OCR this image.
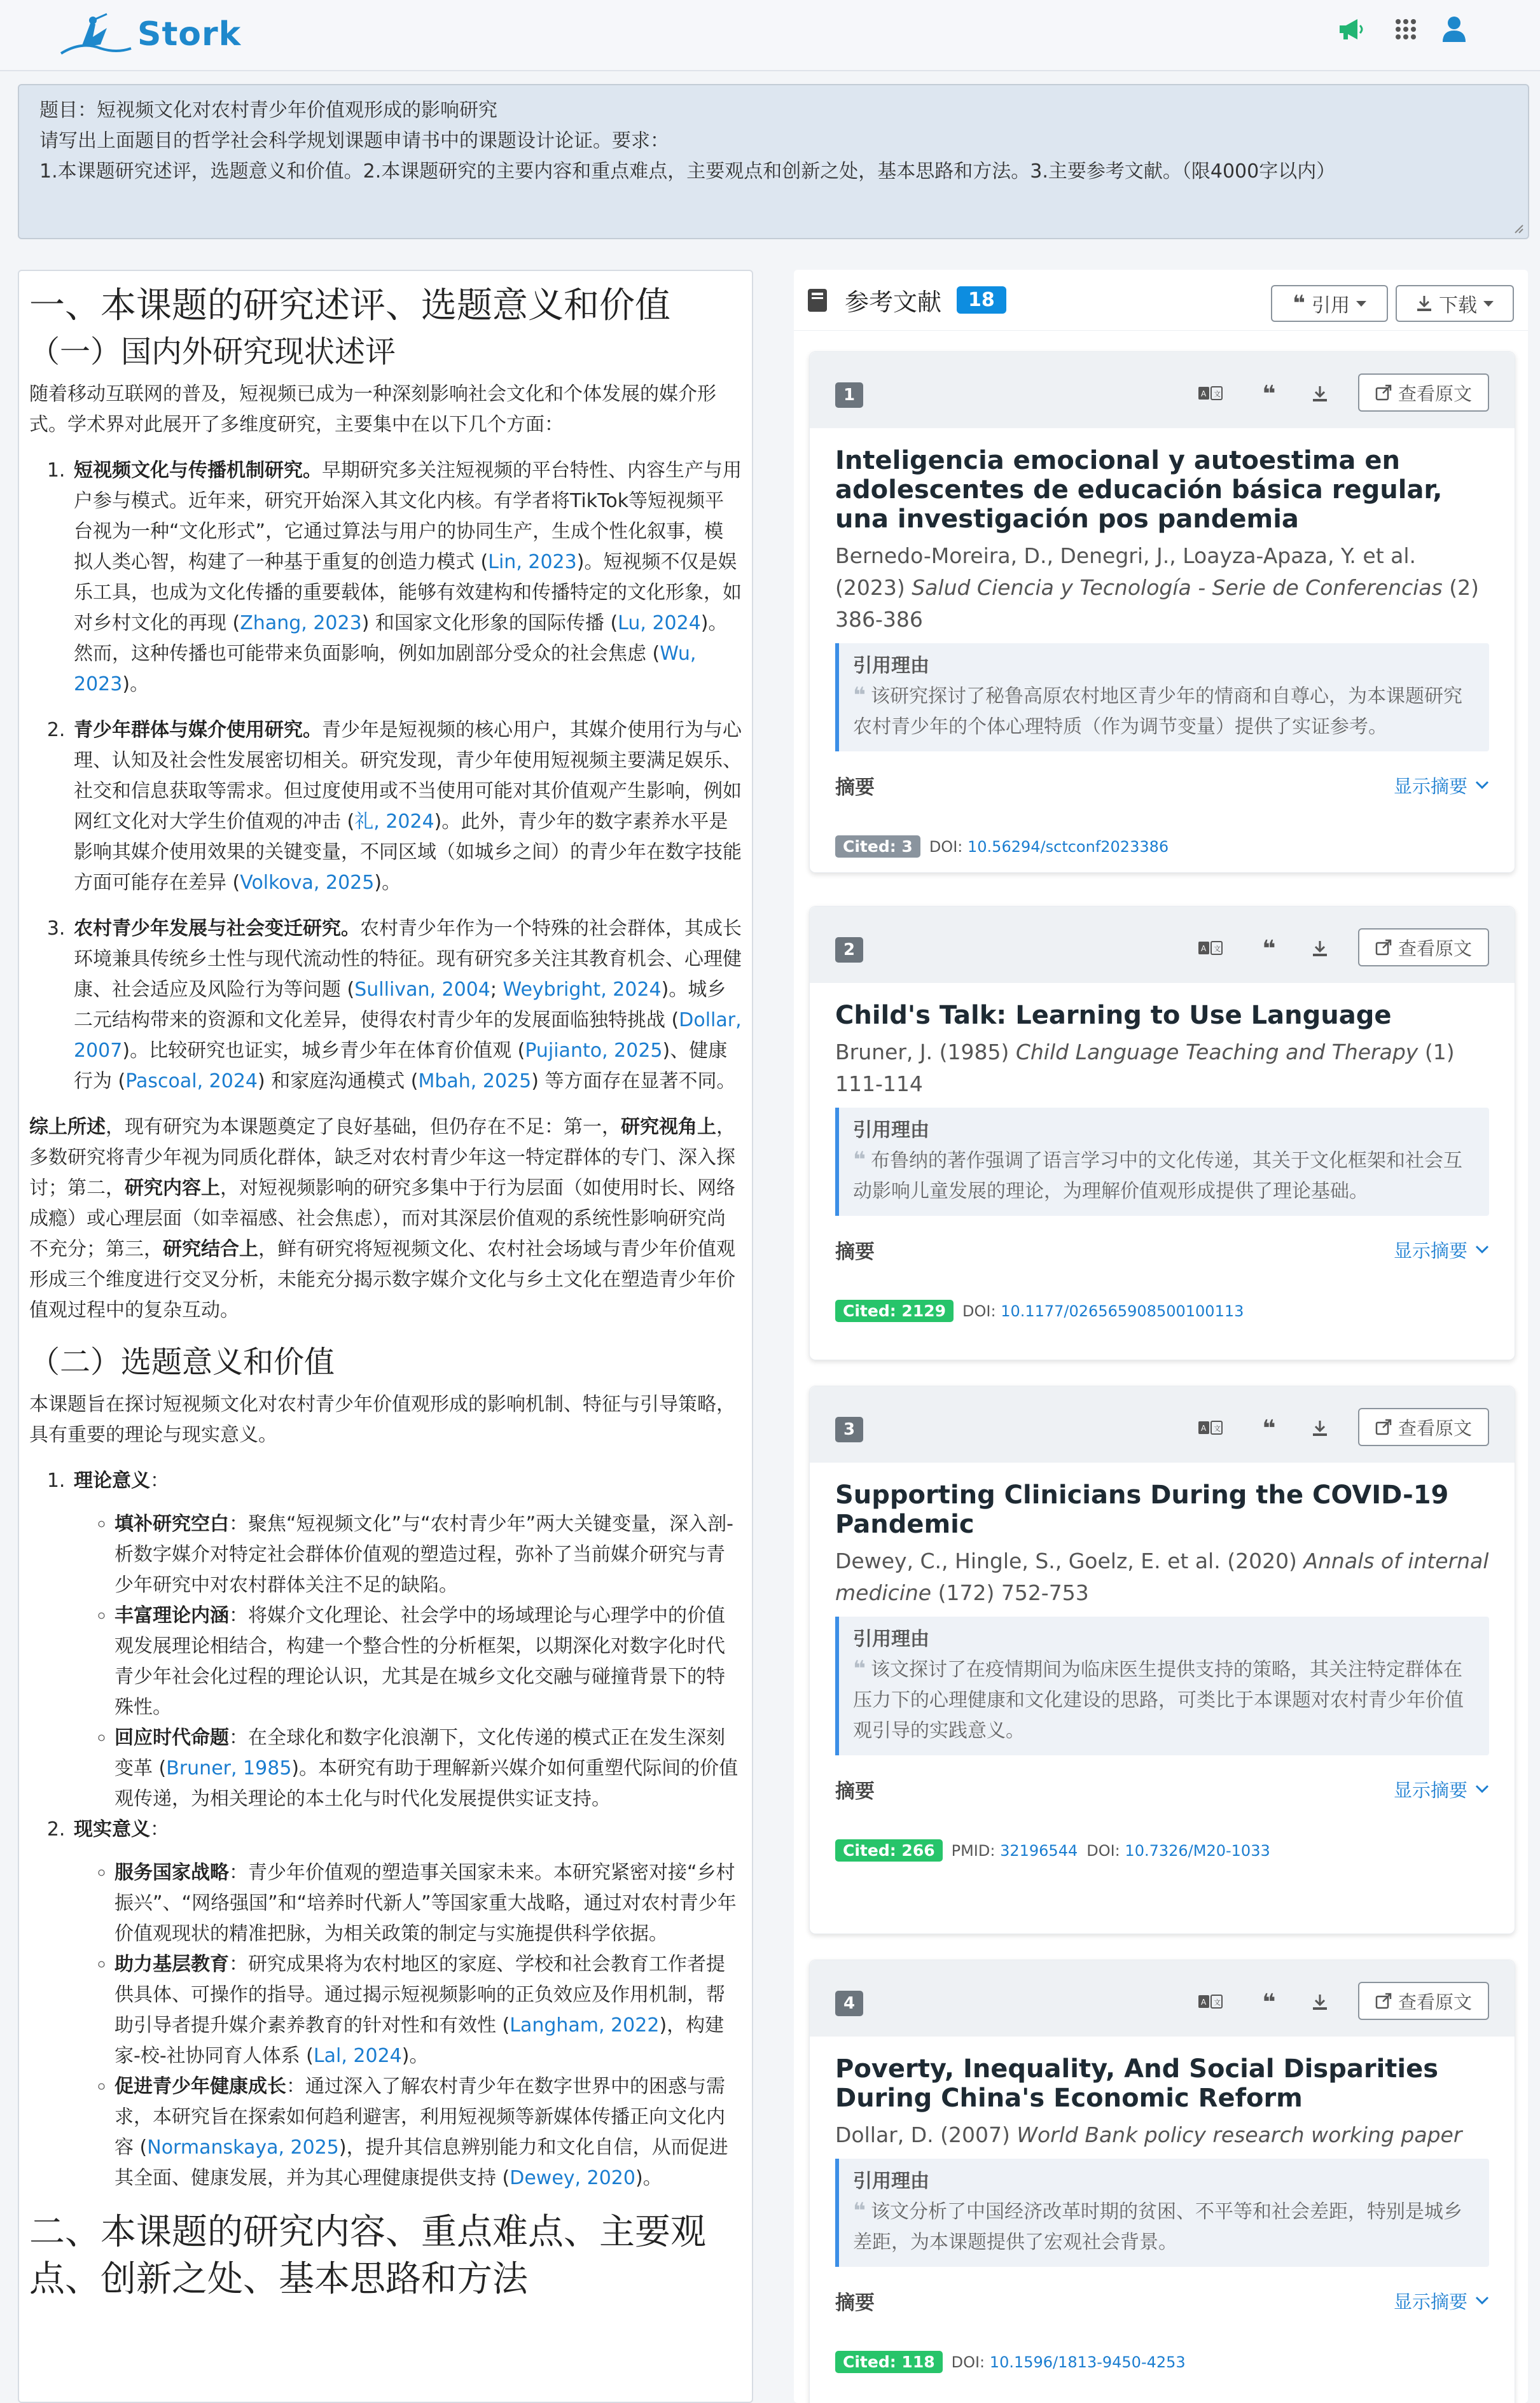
Stork
题目：短视频文化对农村青少年价值观形成的影响研究
请写出上面题目的哲学社会科学规划课题申请书中的课题设计论证。要求：
1.本课题研究述评，选题意义和价值。2.本课题研究的主要内容和重点难点，主要观点和创新之处，基本思路和方法。3.主要参考文献。（限4000字以内）
一、本课题的研究述评、选题意义和价值
（一）国内外研究现状述评

随着移动互联网的普及，短视频已成为一种深刻影响社会文化和个体发展的媒介形式。学术界对此展开了多维度研究，主要集中在以下几个方面：

1. 短视频文化与传播机制研究。早期研究多关注短视频的平台特性、内容生产与用户参与模式。近年来，研究开始深入其文化内核。有学者将TikTok等短视频平台视为一种“文化形式”，它通过算法与用户的协同生产，生成个性化叙事，模拟人类心智，构建了一种基于重复的创造力模式 (Lin, 2023)。短视频不仅是娱乐工具，也成为文化传播的重要载体，能够有效建构和传播特定的文化形象，如对乡村文化的再现 (Zhang, 2023) 和国家文化形象的国际传播 (Lu, 2024)。然而，这种传播也可能带来负面影响，例如加剧部分受众的社会焦虑 (Wu, 2023)。
2. 青少年群体与媒介使用研究。青少年是短视频的核心用户，其媒介使用行为与心理、认知及社会性发展密切相关。研究发现，青少年使用短视频主要满足娱乐、社交和信息获取等需求。但过度使用或不当使用可能对其价值观产生影响，例如网红文化对大学生价值观的冲击 (礼, 2024)。此外，青少年的数字素养水平是影响其媒介使用效果的关键变量，不同区域（如城乡之间）的青少年在数字技能方面可能存在差异 (Volkova, 2025)。
3. 农村青少年发展与社会变迁研究。农村青少年作为一个特殊的社会群体，其成长环境兼具传统乡土性与现代流动性的特征。现有研究多关注其教育机会、心理健康、社会适应及风险行为等问题 (Sullivan, 2004; Weybright, 2024)。城乡二元结构带来的资源和文化差异，使得农村青少年的发展面临独特挑战 (Dollar, 2007)。比较研究也证实，城乡青少年在体育价值观 (Pujianto, 2025)、健康行为 (Pascoal, 2024) 和家庭沟通模式 (Mbah, 2025) 等方面存在显著不同。

综上所述，现有研究为本课题奠定了良好基础，但仍存在不足：第一，研究视角上，多数研究将青少年视为同质化群体，缺乏对农村青少年这一特定群体的专门、深入探讨；第二，研究内容上，对短视频影响的研究多集中于行为层面（如使用时长、网络成瘾）或心理层面（如幸福感、社会焦虑），而对其深层价值观的系统性影响研究尚不充分；第三，研究结合上，鲜有研究将短视频文化、农村社会场域与青少年价值观形成三个维度进行交叉分析，未能充分揭示数字媒介文化与乡土文化在塑造青少年价值观过程中的复杂互动。

（二）选题意义和价值

本课题旨在探讨短视频文化对农村青少年价值观形成的影响机制、特征与引导策略，具有重要的理论与现实意义。

1. 理论意义：
◦ 填补研究空白：聚焦“短视频文化”与“农村青少年”两大关键变量，深入剖-析数字媒介对特定社会群体价值观的塑造过程，弥补了当前媒介研究与青少年研究中对农村群体关注不足的缺陷。
◦ 丰富理论内涵：将媒介文化理论、社会学中的场域理论与心理学中的价值观发展理论相结合，构建一个整合性的分析框架，以期深化对数字化时代青少年社会化过程的理论认识，尤其是在城乡文化交融与碰撞背景下的特殊性。
◦ 回应时代命题：在全球化和数字化浪潮下，文化传递的模式正在发生深刻变革 (Bruner, 1985)。本研究有助于理解新兴媒介如何重塑代际间的价值观传递，为相关理论的本土化与时代化发展提供实证支持。
2. 现实意义：
◦ 服务国家战略：青少年价值观的塑造事关国家未来。本研究紧密对接“乡村振兴”、“网络强国”和“培养时代新人”等国家重大战略，通过对农村青少年价值观现状的精准把脉，为相关政策的制定与实施提供科学依据。
◦ 助力基层教育：研究成果将为农村地区的家庭、学校和社会教育工作者提供具体、可操作的指导。通过揭示短视频影响的正负效应及作用机制，帮助引导者提升媒介素养教育的针对性和有效性 (Langham, 2022)，构建家-校-社协同育人体系 (Lal, 2024)。
◦ 促进青少年健康成长：通过深入了解农村青少年在数字世界中的困惑与需求，本研究旨在探索如何趋利避害，利用短视频等新媒体传播正向文化内容 (Normanskaya, 2025)，提升其信息辨别能力和文化自信，从而促进其全面、健康发展，并为其心理健康提供支持 (Dewey, 2020)。
二、本课题的研究内容、重点难点、主要观点、创新之处、基本思路和方法
参考文献	18	❝ 引用	下载
1	A 文	❝	查看原文
Inteligencia emocional y autoestima en adolescentes de educación básica regular, una investigación pos pandemia
Bernedo-Moreira, D., Denegri, J., Loayza-Apaza, Y. et al. (2023) Salud Ciencia y Tecnología - Serie de Conferencias (2) 386-386
引用理由
❝ 该研究探讨了秘鲁高原农村地区青少年的情商和自尊心，为本课题研究农村青少年的个体心理特质（作为调节变量）提供了实证参考。
摘要	显示摘要
Cited: 3	DOI: 10.56294/sctconf2023386
2	A 文	❝	查看原文
Child's Talk: Learning to Use Language
Bruner, J. (1985) Child Language Teaching and Therapy (1) 111-114
引用理由
❝ 布鲁纳的著作强调了语言学习中的文化传递，其关于文化框架和社会互动影响儿童发展的理论，为理解价值观形成提供了理论基础。
摘要	显示摘要
Cited: 2129	DOI: 10.1177/026565908500100113
3	A 文	❝	查看原文
Supporting Clinicians During the COVID-19 Pandemic
Dewey, C., Hingle, S., Goelz, E. et al. (2020) Annals of internal medicine (172) 752-753
引用理由
❝ 该文探讨了在疫情期间为临床医生提供支持的策略，其关注特定群体在压力下的心理健康和文化建设的思路，可类比于本课题对农村青少年价值观引导的实践意义。
摘要	显示摘要
Cited: 266	PMID: 32196544 DOI: 10.7326/M20-1033
4	A 文	❝	查看原文
Poverty, Inequality, And Social Disparities During China's Economic Reform
Dollar, D. (2007) World Bank policy research working paper
引用理由
❝ 该文分析了中国经济改革时期的贫困、不平等和社会差距，特别是城乡差距，为本课题提供了宏观社会背景。
摘要	显示摘要
Cited: 118	DOI: 10.1596/1813-9450-4253
